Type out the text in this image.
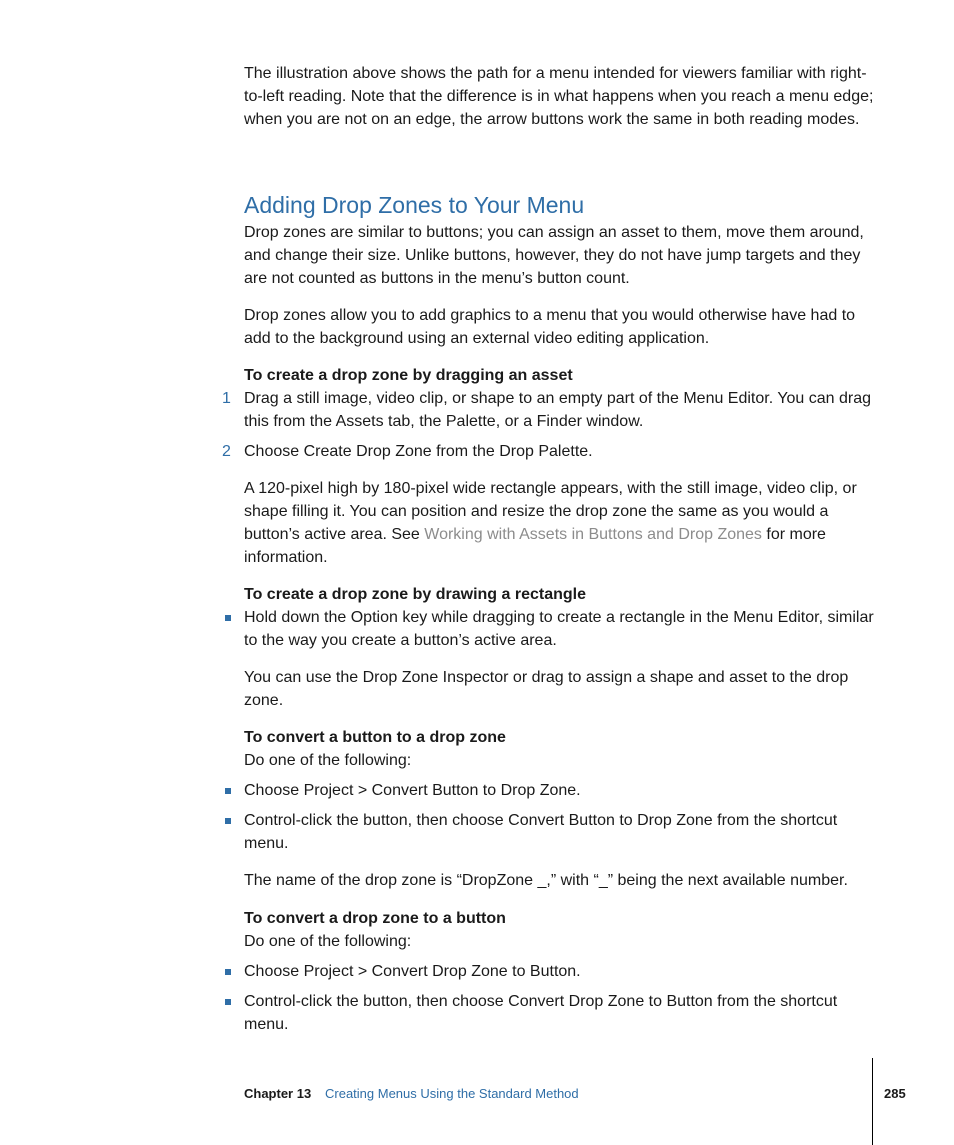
The illustration above shows the path for a menu intended for viewers familiar with right-to-left reading. Note that the difference is in what happens when you reach a menu edge; when you are not on an edge, the arrow buttons work the same in both reading modes.

Adding Drop Zones to Your Menu

Drop zones are similar to buttons; you can assign an asset to them, move them around, and change their size. Unlike buttons, however, they do not have jump targets and they are not counted as buttons in the menu’s button count.

Drop zones allow you to add graphics to a menu that you would otherwise have had to add to the background using an external video editing application.

To create a drop zone by dragging an asset

1 Drag a still image, video clip, or shape to an empty part of the Menu Editor. You can drag this from the Assets tab, the Palette, or a Finder window.

2 Choose Create Drop Zone from the Drop Palette.

A 120-pixel high by 180-pixel wide rectangle appears, with the still image, video clip, or shape filling it. You can position and resize the drop zone the same as you would a button’s active area. See Working with Assets in Buttons and Drop Zones for more information.

To create a drop zone by drawing a rectangle

Hold down the Option key while dragging to create a rectangle in the Menu Editor, similar to the way you create a button’s active area.

You can use the Drop Zone Inspector or drag to assign a shape and asset to the drop zone.

To convert a button to a drop zone

Do one of the following:

Choose Project > Convert Button to Drop Zone.

Control-click the button, then choose Convert Button to Drop Zone from the shortcut menu.

The name of the drop zone is “DropZone _,” with “_” being the next available number.

To convert a drop zone to a button

Do one of the following:

Choose Project > Convert Drop Zone to Button.

Control-click the button, then choose Convert Drop Zone to Button from the shortcut menu.

Chapter 13 Creating Menus Using the Standard Method	285
